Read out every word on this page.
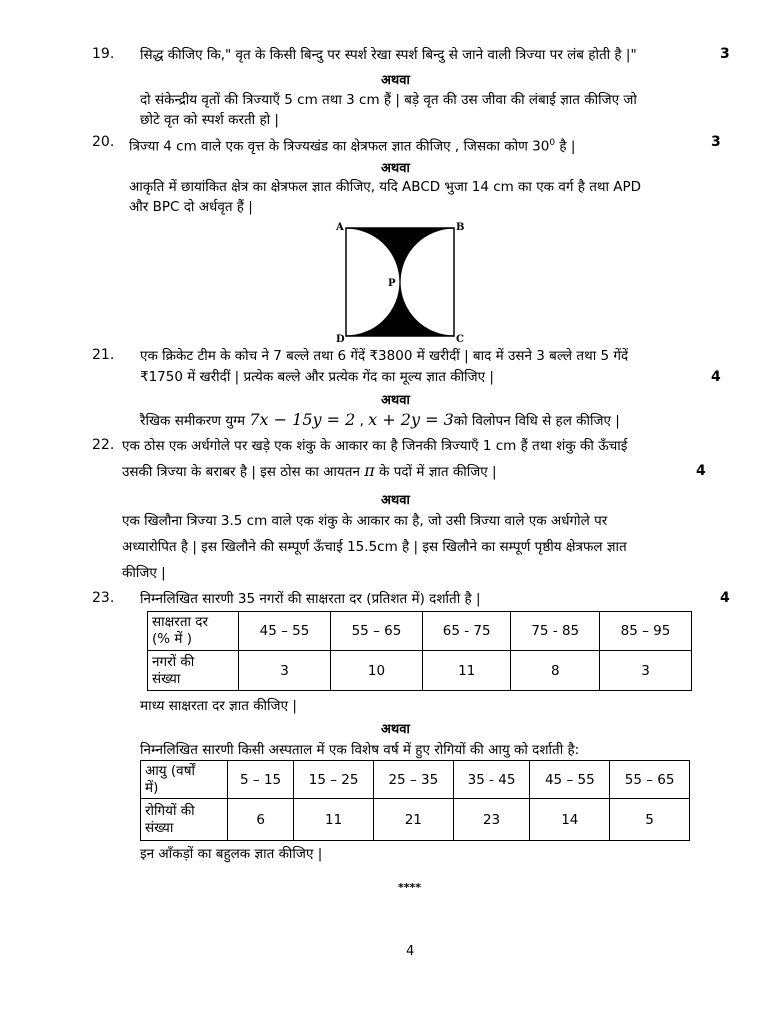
19. सिद्ध कीजिए कि," वृत के किसी बिन्दु पर स्पर्श रेखा स्पर्श बिन्दु से जाने वाली त्रिज्या पर लंब होती है |"	3
अथवा
दो संकेन्द्रीय वृतों की त्रिज्याएँ 5 cm तथा 3 cm हैं | बड़े वृत की उस जीवा की लंबाई ज्ञात कीजिए जो
छोटे वृत को स्पर्श करती हो |
20. त्रिज्या 4 cm वाले एक वृत्त के त्रिज्यखंड का क्षेत्रफल ज्ञात कीजिए , जिसका कोण $30^0$ है |	3
अथवा
आकृति में छायांकित क्षेत्र का क्षेत्रफल ज्ञात कीजिए, यदि ABCD भुजा 14 cm का एक वर्ग है तथा APD
और BPC दो अर्धवृत हैं |
A	B
C
D
P
21. एक क्रिकेट टीम के कोच ने 7 बल्ले तथा 6 गेंदें ₹3800 में खरीदीं | बाद में उसने 3 बल्ले तथा 5 गेंदें
₹1750 में खरीदीं | प्रत्येक बल्ले और प्रत्येक गेंद का मूल्य ज्ञात कीजिए |	4
अथवा
रैखिक समीकरण युग्म 7x − 15y = 2 , x + 2y = 3को विलोपन विधि से हल कीजिए |
22. एक ठोस एक अर्धगोले पर खड़े एक शंकु के आकार का है जिनकी त्रिज्याएँ 1 cm हैं तथा शंकु की ऊँचाई
उसकी त्रिज्या के बराबर है | इस ठोस का आयतन π के पदों में ज्ञात कीजिए |	4
अथवा
एक खिलौना त्रिज्या 3.5 cm वाले एक शंकु के आकार का है, जो उसी त्रिज्या वाले एक अर्धगोले पर
अध्यारोपित है | इस खिलौने की सम्पूर्ण ऊँचाई 15.5cm है | इस खिलौने का सम्पूर्ण पृष्ठीय क्षेत्रफल ज्ञात
कीजिए |
23. निम्नलिखित सारणी 35 नगरों की साक्षरता दर (प्रतिशत में) दर्शाती है |	4
साक्षरता दर
(% में )	45 – 55	55 – 65	65 - 75	75 - 85	85 – 95

नगरों की
संख्या	3	10	11	8	3
माध्य साक्षरता दर ज्ञात कीजिए |
अथवा
निम्नलिखित सारणी किसी अस्पताल में एक विशेष वर्ष में हुए रोगियों की आयु को दर्शाती है:
आयु (वर्षों
में)	5 – 15	15 – 25	25 – 35	35 - 45	45 – 55	55 – 65

रोगियों की
संख्या	6	11	21	23	14	5
इन आँकड़ों का बहुलक ज्ञात कीजिए |
****
4
